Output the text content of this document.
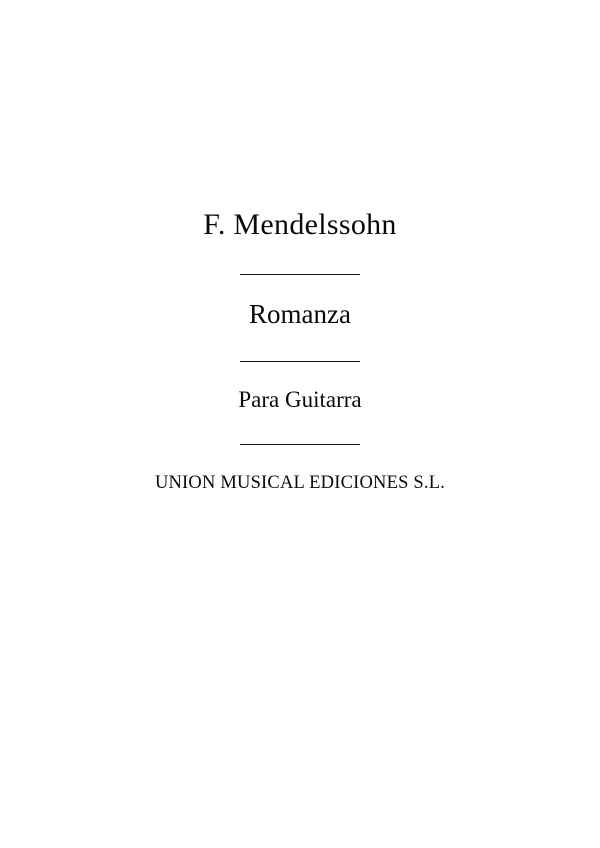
F. Mendelssohn
Romanza
Para Guitarra
UNION MUSICAL EDICIONES S.L.
